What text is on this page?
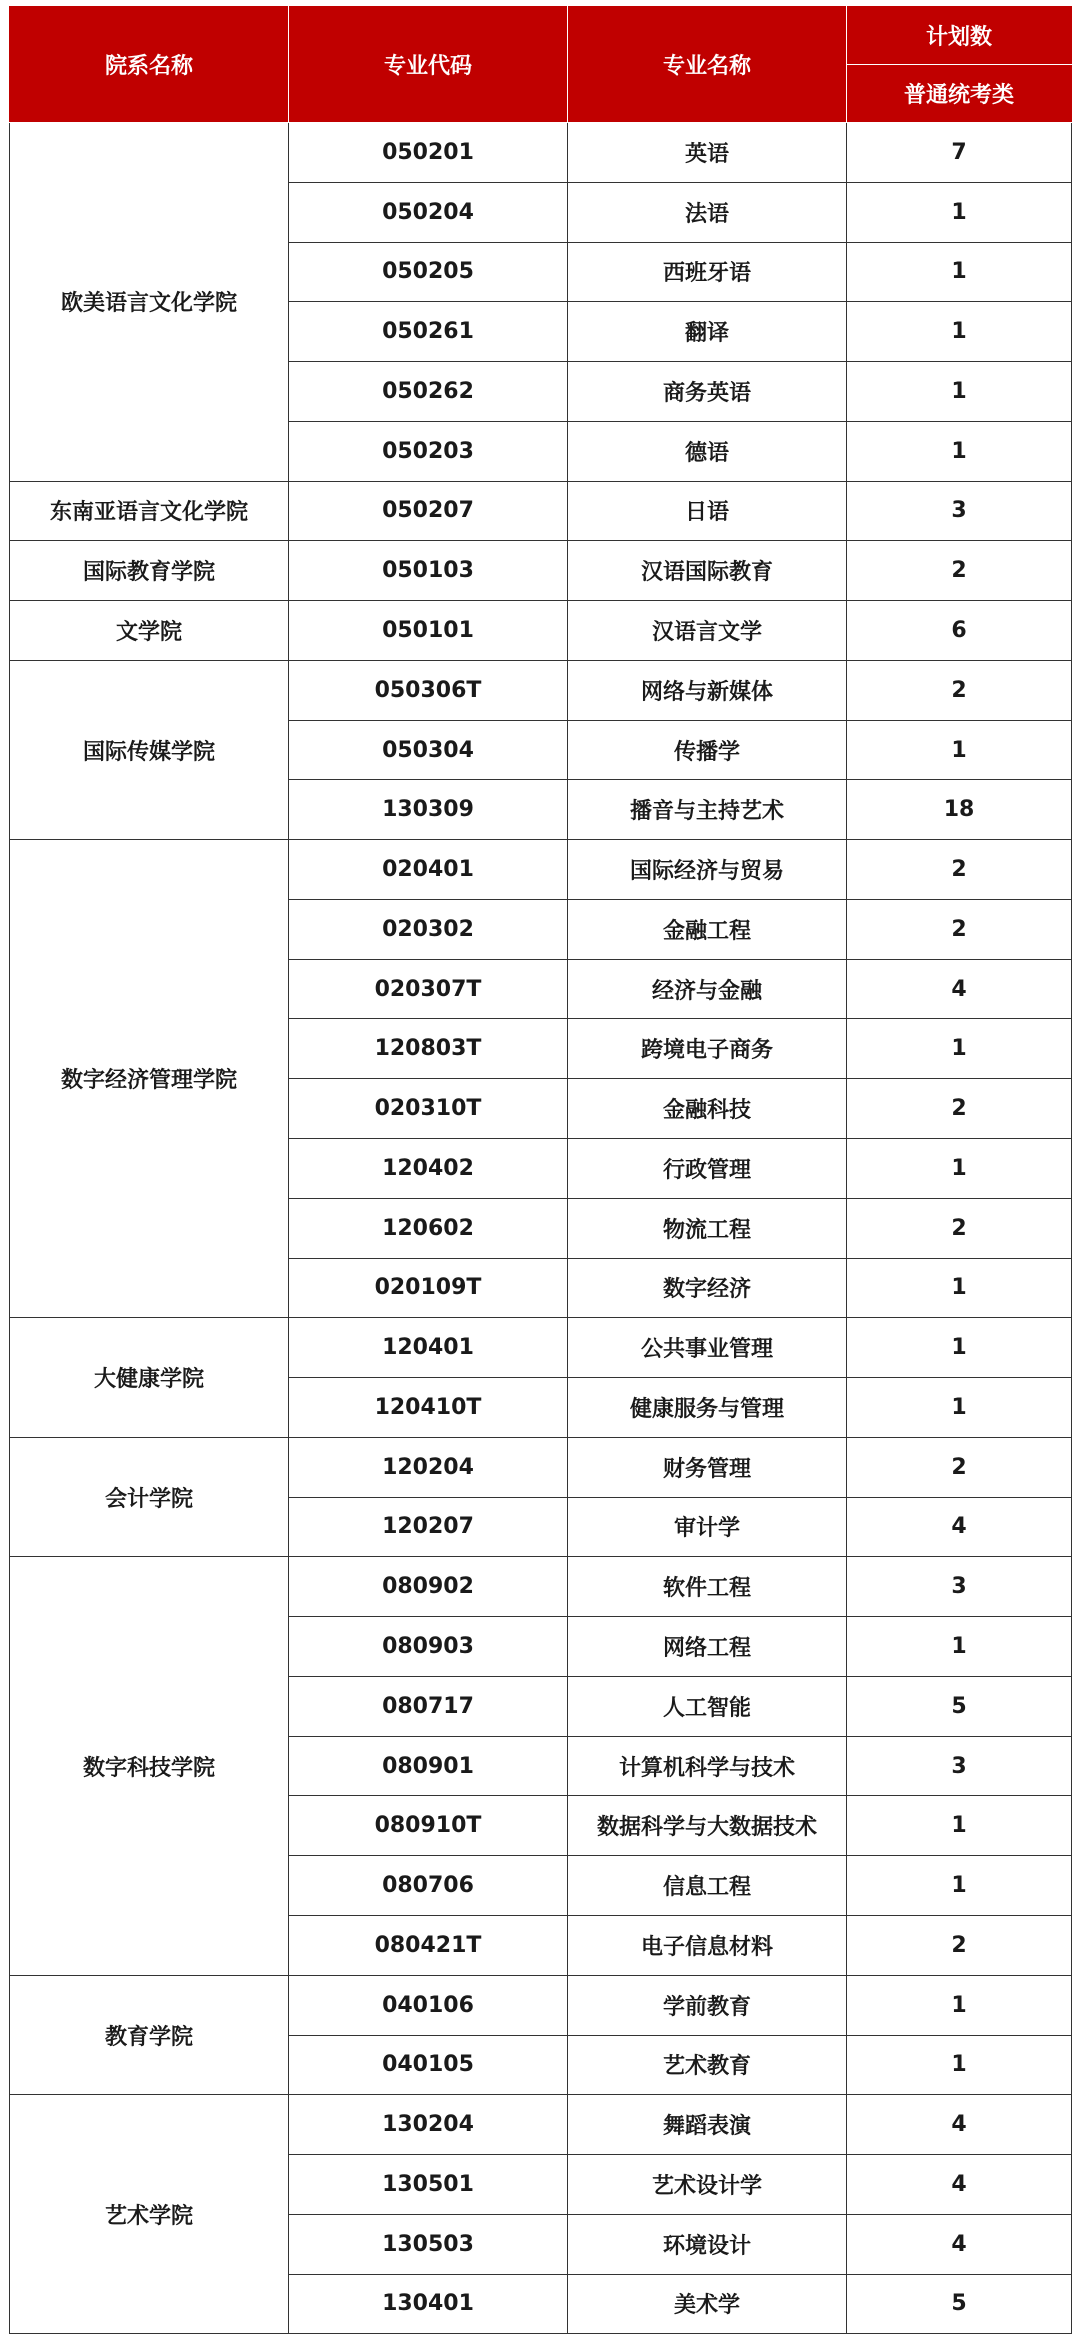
院系名称	专业代码	专业名称	计划数
			普通统考类
欧美语言文化学院	050201	英语	7
	050204	法语	1
	050205	西班牙语	1
	050261	翻译	1
	050262	商务英语	1
	050203	德语	1
东南亚语言文化学院	050207	日语	3
国际教育学院	050103	汉语国际教育	2
文学院	050101	汉语言文学	6
国际传媒学院	050306T	网络与新媒体	2
	050304	传播学	1
	130309	播音与主持艺术	18
数字经济管理学院	020401	国际经济与贸易	2
	020302	金融工程	2
	020307T	经济与金融	4
	120803T	跨境电子商务	1
	020310T	金融科技	2
	120402	行政管理	1
	120602	物流工程	2
	020109T	数字经济	1
大健康学院	120401	公共事业管理	1
	120410T	健康服务与管理	1
会计学院	120204	财务管理	2
	120207	审计学	4
数字科技学院	080902	软件工程	3
	080903	网络工程	1
	080717	人工智能	5
	080901	计算机科学与技术	3
	080910T	数据科学与大数据技术	1
	080706	信息工程	1
	080421T	电子信息材料	2
教育学院	040106	学前教育	1
	040105	艺术教育	1
艺术学院	130204	舞蹈表演	4
	130501	艺术设计学	4
	130503	环境设计	4
	130401	美术学	5
